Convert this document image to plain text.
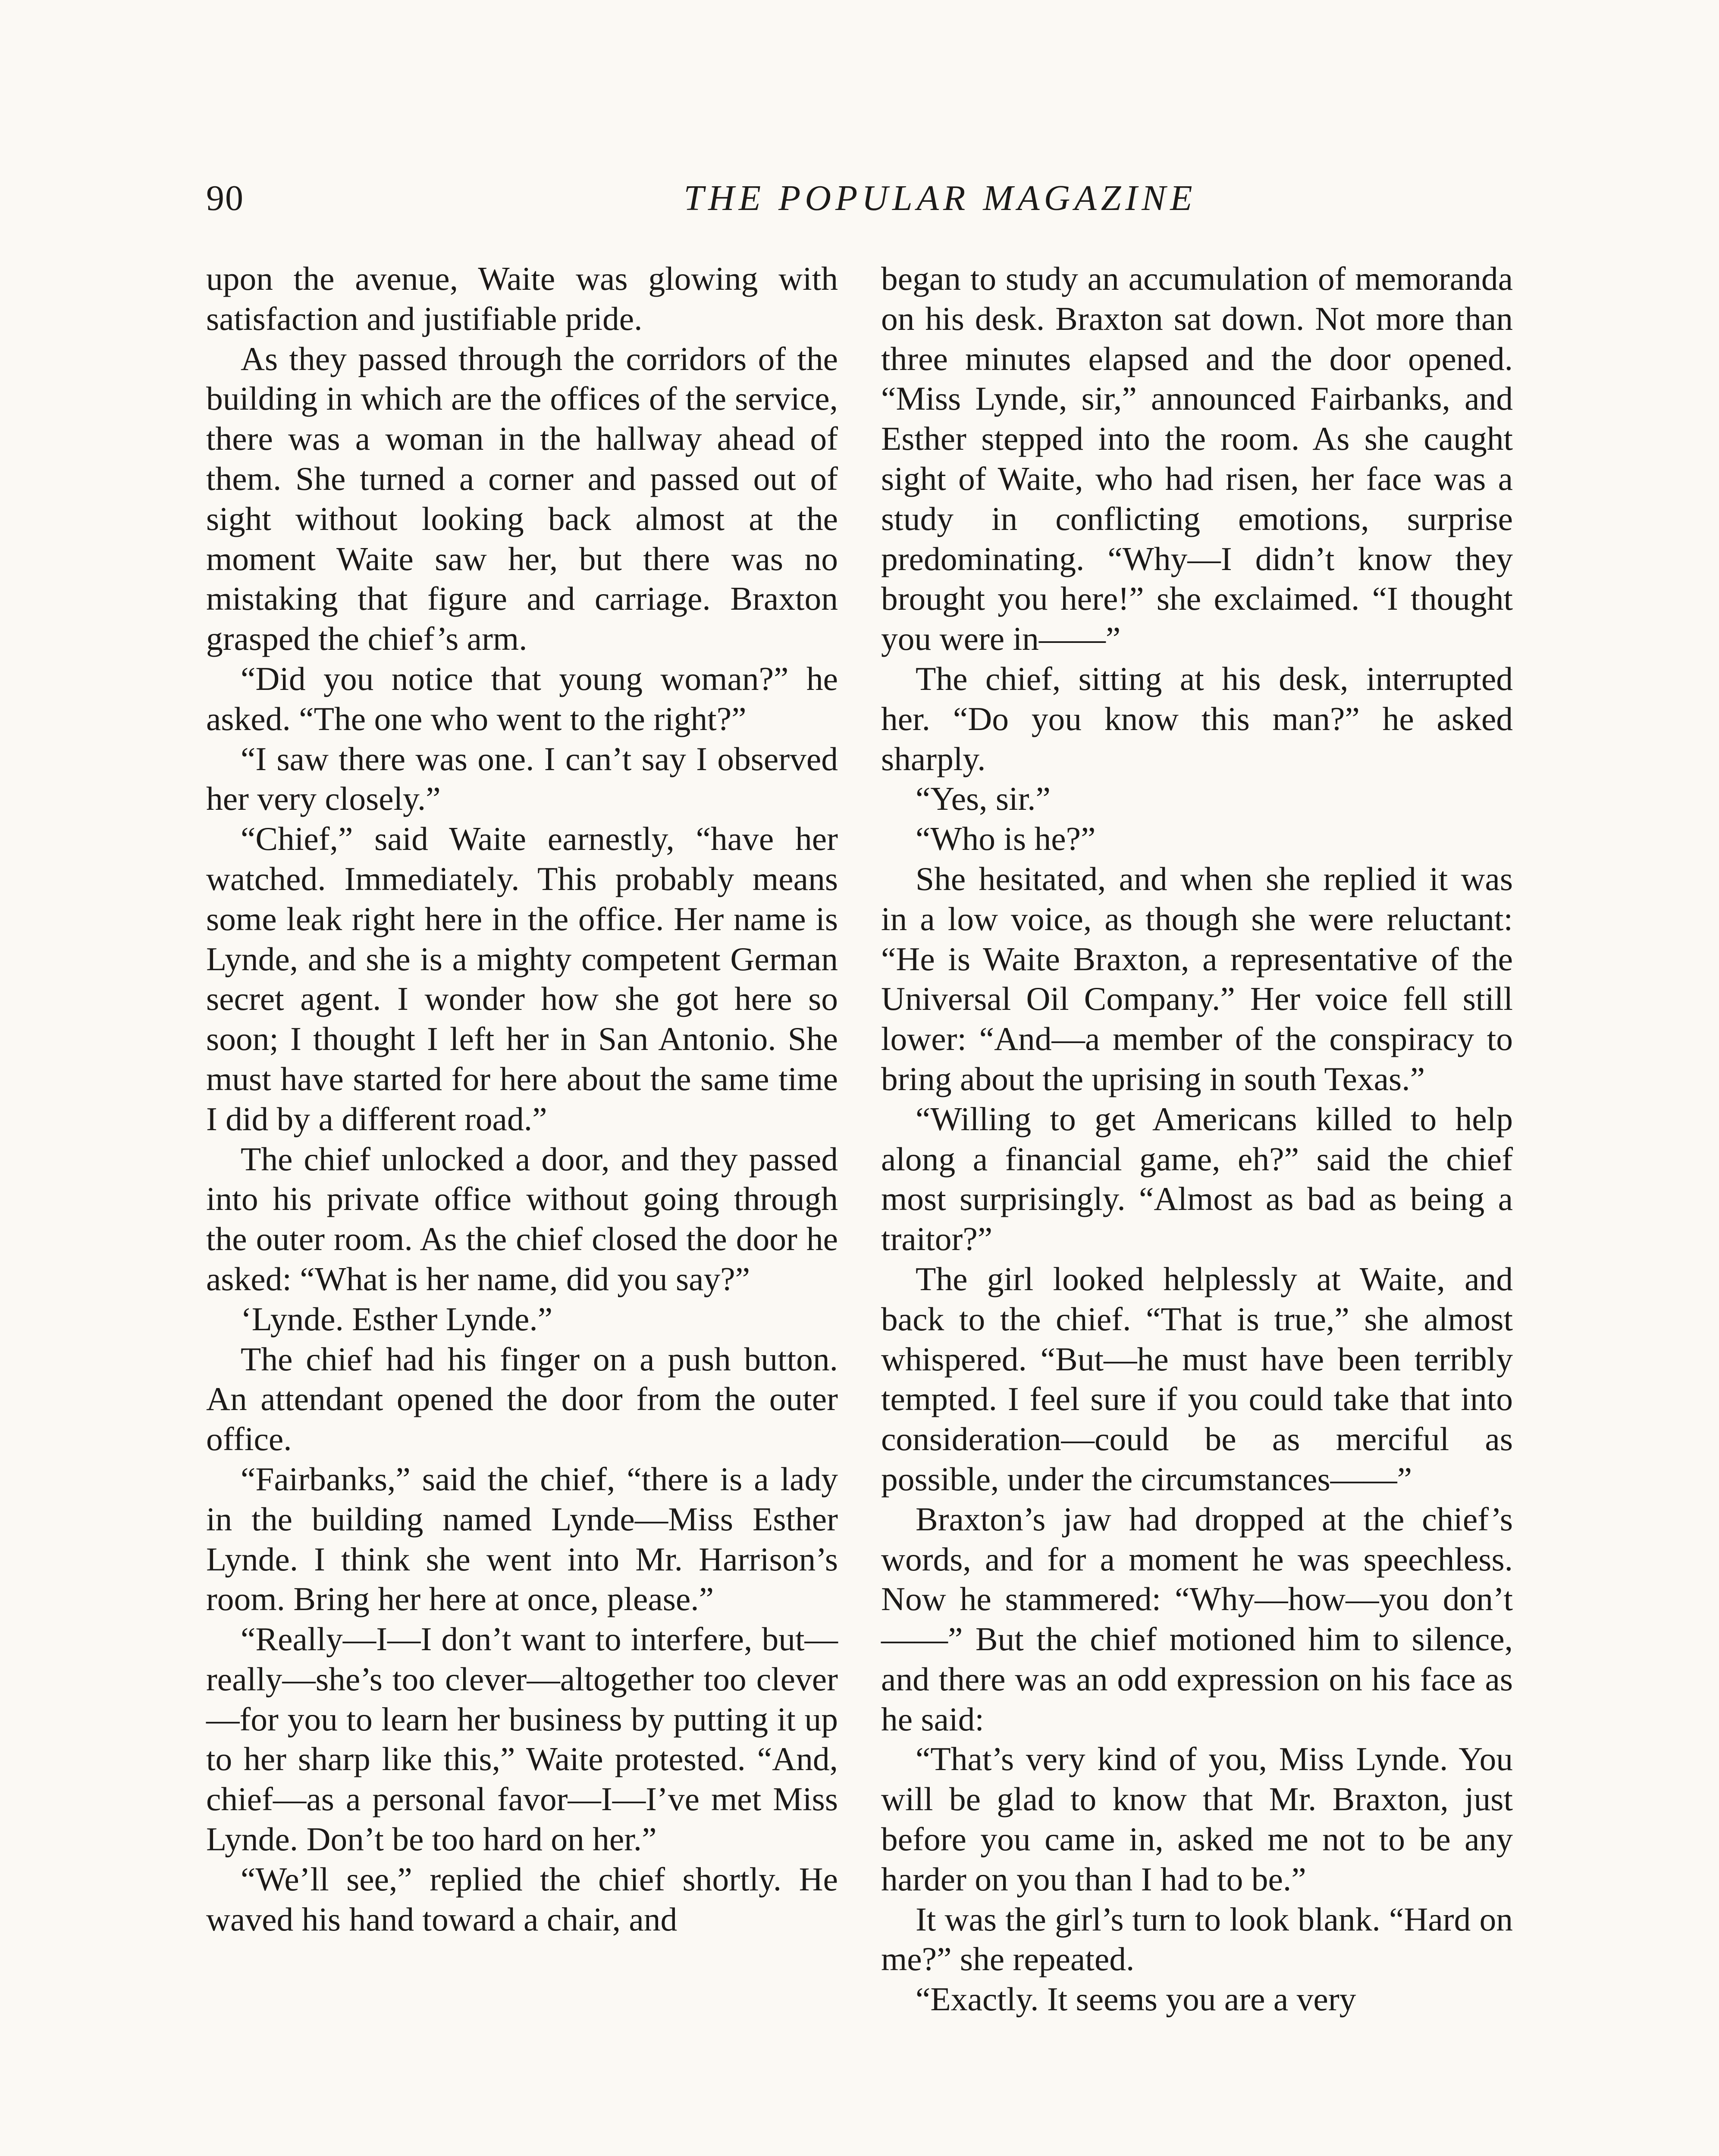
90	THE POPULAR MAGAZINE

upon the avenue, Waite was glowing with satisfaction and justifiable pride.

As they passed through the corridors of the building in which are the offices of the service, there was a woman in the hallway ahead of them. She turned a corner and passed out of sight without looking back almost at the moment Waite saw her, but there was no mistaking that figure and carriage. Braxton grasped the chief’s arm.

“Did you notice that young woman?” he asked. “The one who went to the right?”

“I saw there was one. I can’t say I observed her very closely.”

“Chief,” said Waite earnestly, “have her watched. Immediately. This probably means some leak right here in the office. Her name is Lynde, and she is a mighty competent German secret agent. I wonder how she got here so soon; I thought I left her in San Antonio. She must have started for here about the same time I did by a different road.”

The chief unlocked a door, and they passed into his private office without going through the outer room. As the chief closed the door he asked: “What is her name, did you say?”

‘Lynde. Esther Lynde.”

The chief had his finger on a push button. An attendant opened the door from the outer office.

“Fairbanks,” said the chief, “there is a lady in the building named Lynde—Miss Esther Lynde. I think she went into Mr. Harrison’s room. Bring her here at once, please.”

“Really—I—I don’t want to interfere, but—really—she’s too clever—altogether too clever—for you to learn her business by putting it up to her sharp like this,” Waite protested. “And, chief—as a personal favor—I—I’ve met Miss Lynde. Don’t be too hard on her.”

“We’ll see,” replied the chief shortly. He waved his hand toward a chair, and

began to study an accumulation of memoranda on his desk. Braxton sat down. Not more than three minutes elapsed and the door opened. “Miss Lynde, sir,” announced Fairbanks, and Esther stepped into the room. As she caught sight of Waite, who had risen, her face was a study in conflicting emotions, surprise predominating. “Why—I didn’t know they brought you here!” she exclaimed. “I thought you were in——”

The chief, sitting at his desk, interrupted her. “Do you know this man?” he asked sharply.

“Yes, sir.”

“Who is he?”

She hesitated, and when she replied it was in a low voice, as though she were reluctant: “He is Waite Braxton, a representative of the Universal Oil Company.” Her voice fell still lower: “And—a member of the conspiracy to bring about the uprising in south Texas.”

“Willing to get Americans killed to help along a financial game, eh?” said the chief most surprisingly. “Almost as bad as being a traitor?”

The girl looked helplessly at Waite, and back to the chief. “That is true,” she almost whispered. “But—he must have been terribly tempted. I feel sure if you could take that into consideration—could be as merciful as possible, under the circumstances——”

Braxton’s jaw had dropped at the chief’s words, and for a moment he was speechless. Now he stammered: “Why—how—you don’t——” But the chief motioned him to silence, and there was an odd expression on his face as he said:

“That’s very kind of you, Miss Lynde. You will be glad to know that Mr. Braxton, just before you came in, asked me not to be any harder on you than I had to be.”

It was the girl’s turn to look blank. “Hard on me?” she repeated.

“Exactly. It seems you are a very
